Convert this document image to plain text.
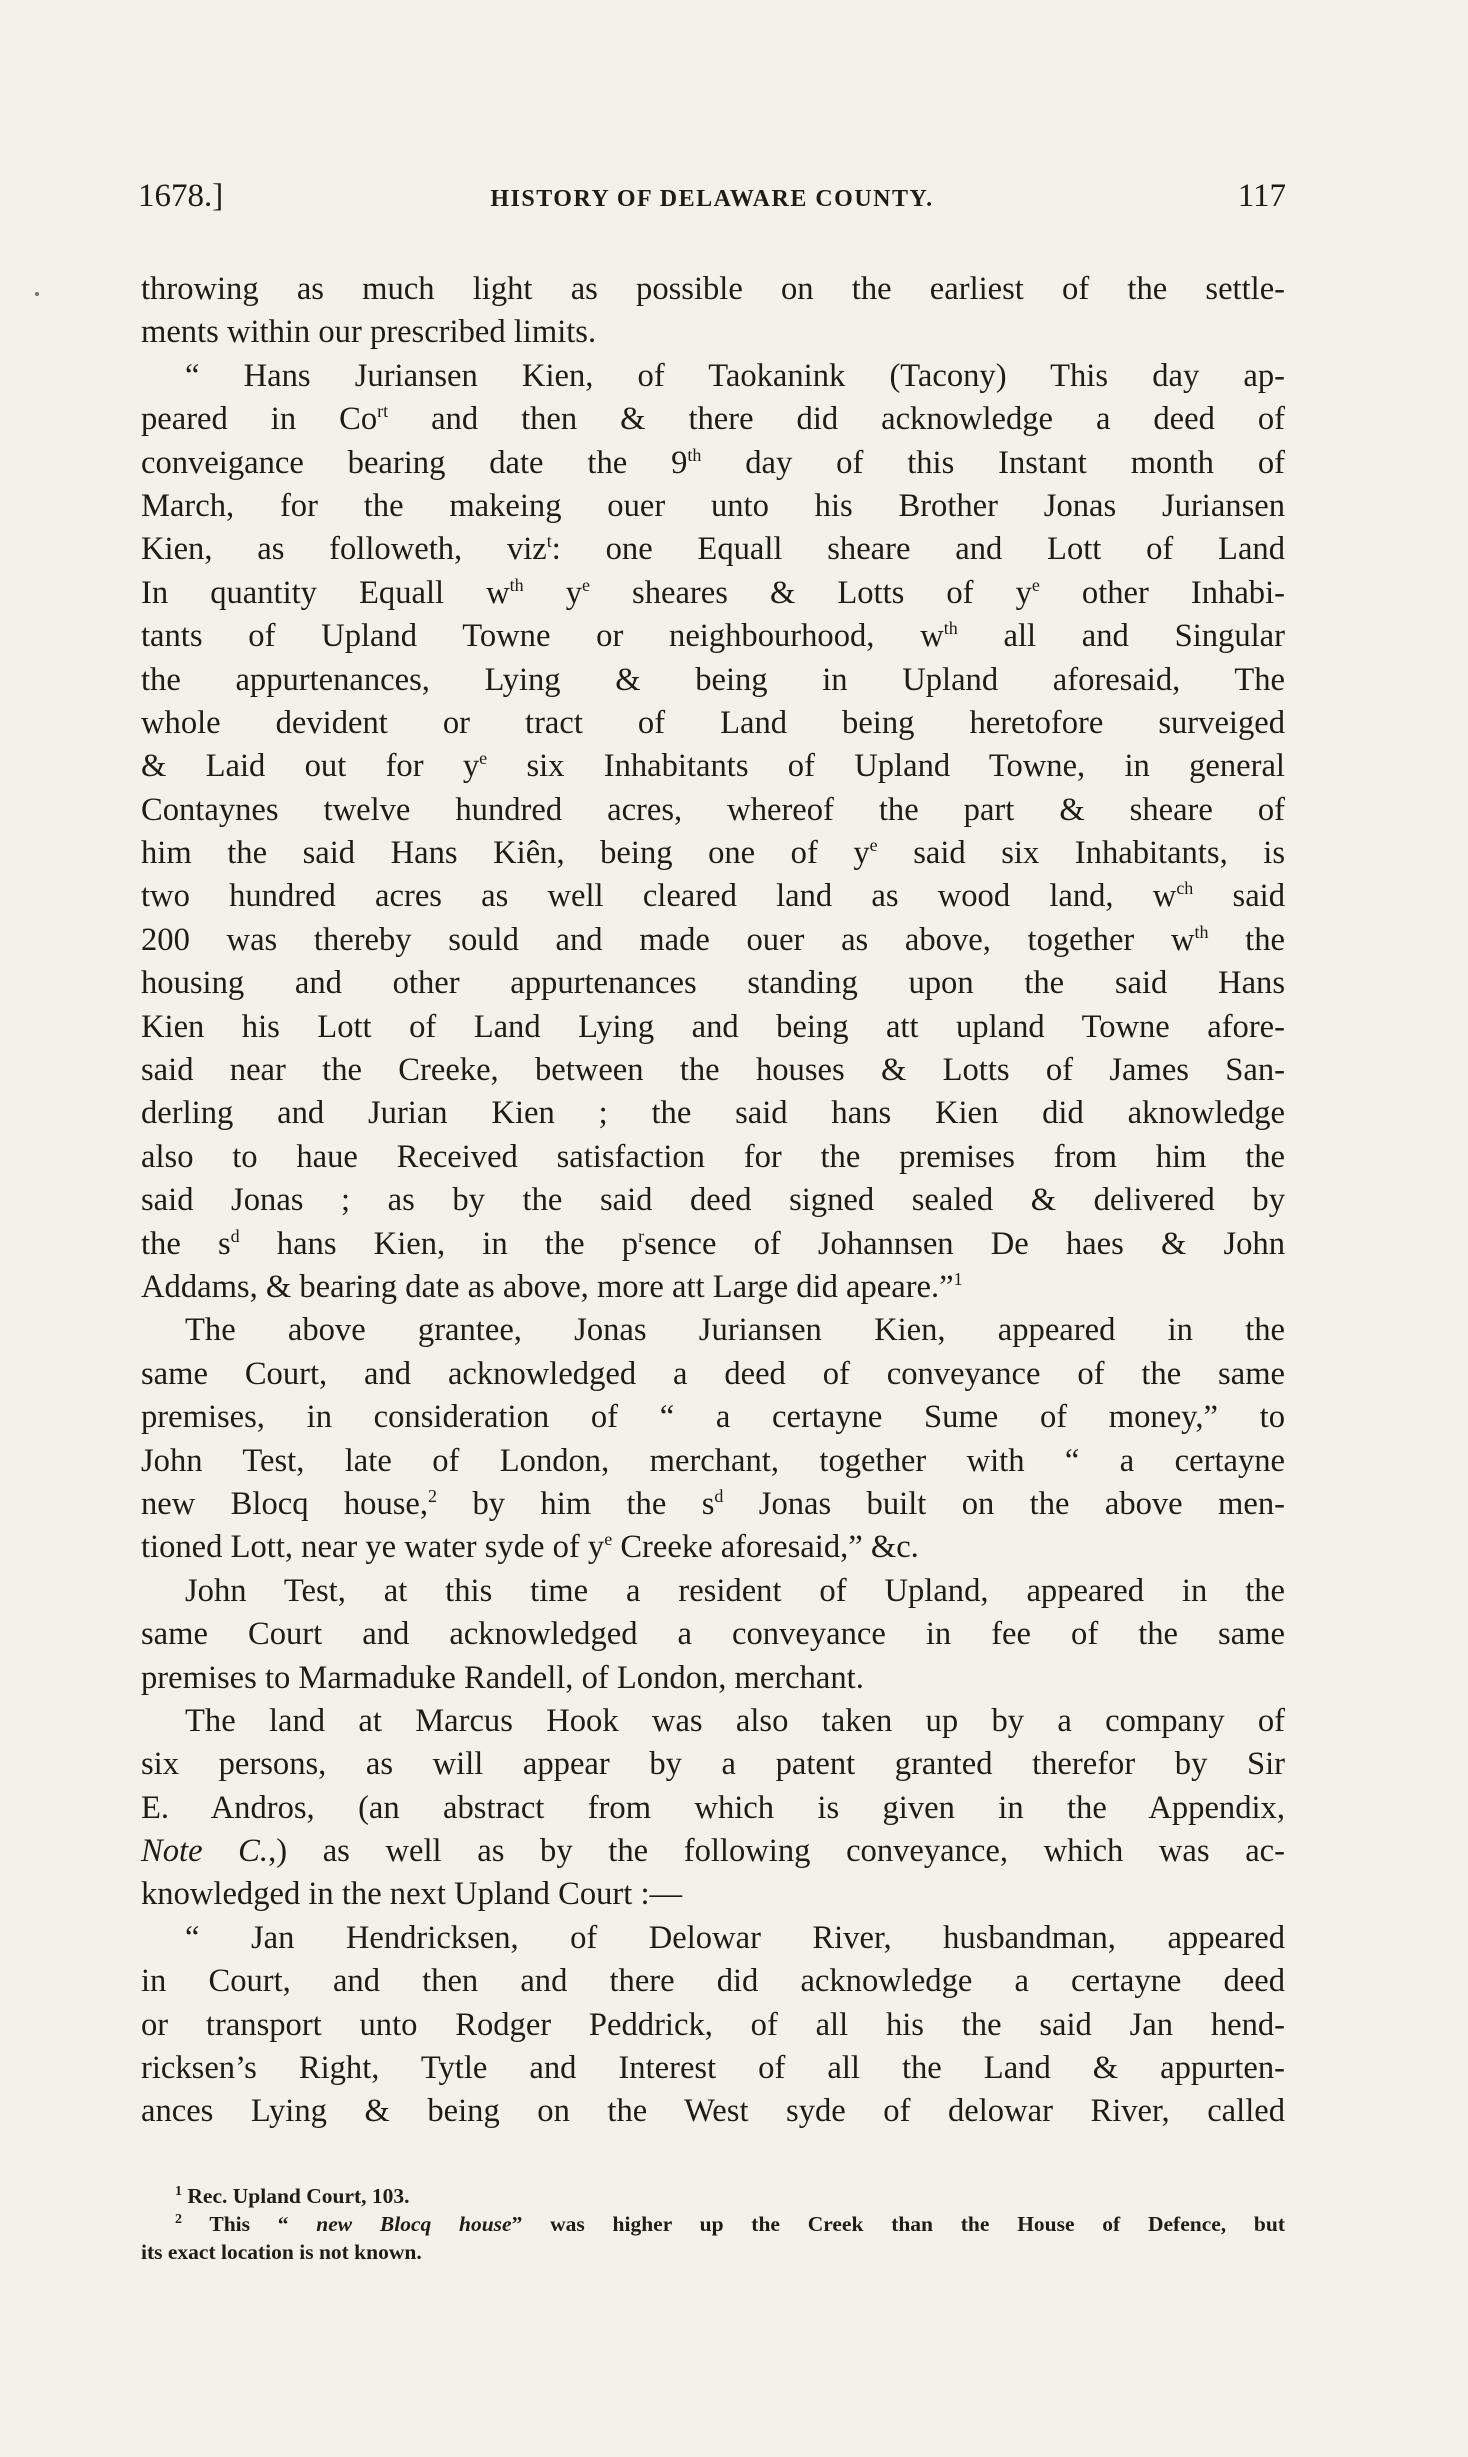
1678.]	HISTORY OF DELAWARE COUNTY.	117
throwing as much light as possible on the earliest of the settle-
ments within our prescribed limits.
“ Hans Juriansen Kien, of Taokanink (Tacony) This day ap-
peared in $Co^{rt}$ and then & there did acknowledge a deed of
conveigance bearing date the 9th day of this Instant month of
March, for the makeing ouer unto his Brother Jonas Juriansen
Kien, as followeth, viz$^t$: one Equall sheare and Lott of Land
In quantity Equall $w^{th}$ $y^e$ sheares & Lotts of $y^e$ other Inhabi-
tants of Upland Towne or neighbourhood, $w^{th}$ all and Singular
the appurtenances, Lying & being in Upland aforesaid, The
whole devident or tract of Land being heretofore surveiged
& Laid out for $y^e$ six Inhabitants of Upland Towne, in general
Contaynes twelve hundred acres, whereof the part & sheare of
him the said Hans Kiên, being one of $y^e$ said six Inhabitants, is
two hundred acres as well cleared land as wood land, $w^{ch}$ said
200 was thereby sould and made ouer as above, together $w^{th}$ the
housing and other appurtenances standing upon the said Hans
Kien his Lott of Land Lying and being att upland Towne afore-
said near the Creeke, between the houses & Lotts of James San-
derling and Jurian Kien ; the said hans Kien did aknowledge
also to haue Received satisfaction for the premises from him the
said Jonas ; as by the said deed signed sealed & delivered by
the $s^d$ hans Kien, in the $p^rsence$ of Johannsen De haes & John
Addams, & bearing date as above, more att Large did apeare.”$^1$
The above grantee, Jonas Juriansen Kien, appeared in the
same Court, and acknowledged a deed of conveyance of the same
premises, in consideration of “ a certayne Sume of money,” to
John Test, late of London, merchant, together with “ a certayne
new Blocq house,$^2$ by him the $s^d$ Jonas built on the above men-
tioned Lott, near ye water syde of $y^e$ Creeke aforesaid,” &c.
John Test, at this time a resident of Upland, appeared in the
same Court and acknowledged a conveyance in fee of the same
premises to Marmaduke Randell, of London, merchant.
The land at Marcus Hook was also taken up by a company of
six persons, as will appear by a patent granted therefor by Sir
E. Andros, (an abstract from which is given in the Appendix,
Note C.,) as well as by the following conveyance, which was ac-
knowledged in the next Upland Court :—
“ Jan Hendricksen, of Delowar River, husbandman, appeared
in Court, and then and there did acknowledge a certayne deed
or transport unto Rodger Peddrick, of all his the said Jan hend-
ricksen’s Right, Tytle and Interest of all the Land & appurten-
ances Lying & being on the West syde of delowar River, called
$^1$ Rec. Upland Court, 103.
$^2$ This “ new Blocq house” was higher up the Creek than the House of Defence, but
its exact location is not known.
